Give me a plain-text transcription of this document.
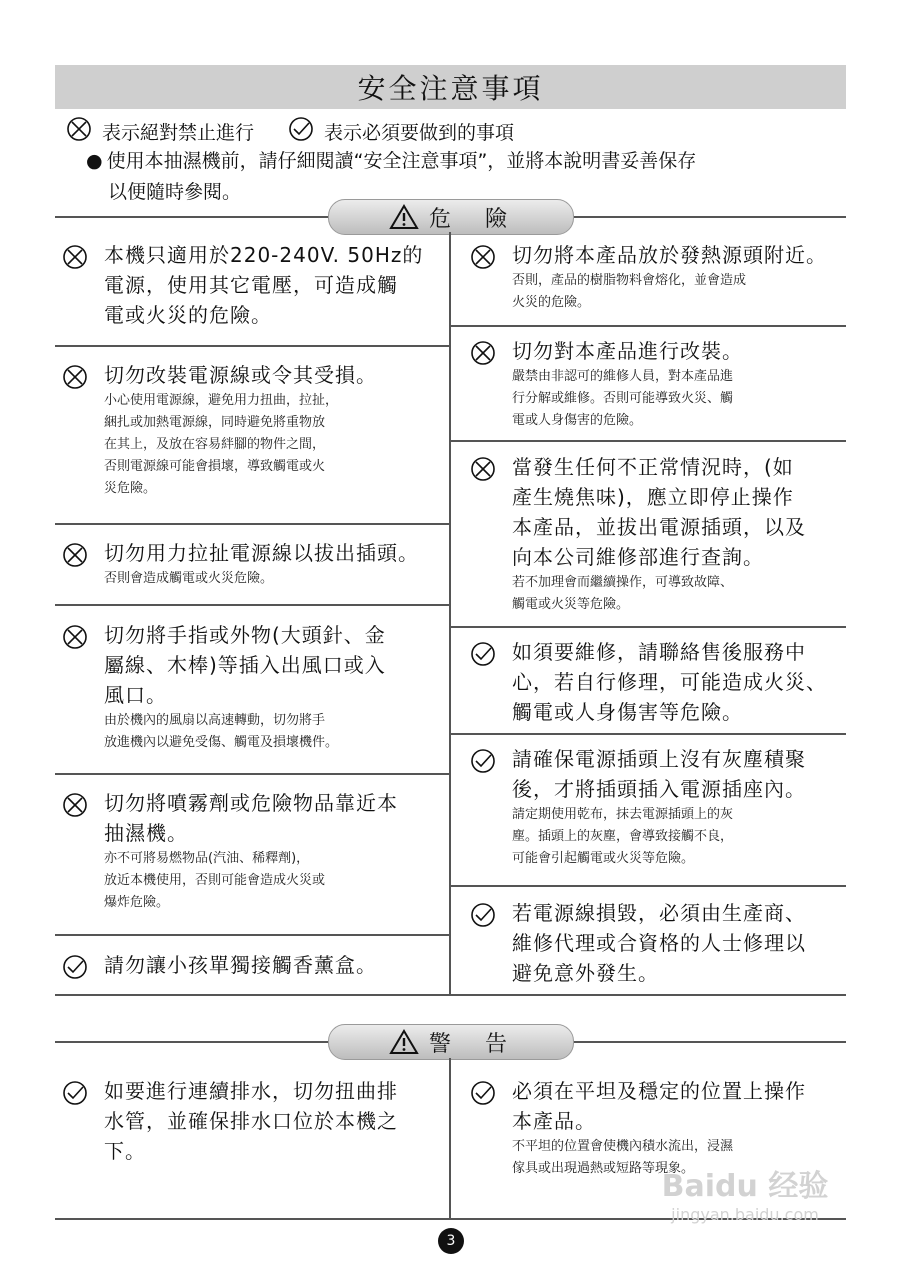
安全注意事項
表示絕對禁止進行	表示必須要做到的事項
● 使用本抽濕機前，請仔細閱讀“安全注意事項”，並將本說明書妥善保存
以便隨時參閱。
危　險
警　告
本機只適用於220-240V. 50Hz的
電源，使用其它電壓，可造成觸
電或火災的危險。
切勿改裝電源線或令其受損。
小心使用電源線，避免用力扭曲，拉扯，
綑扎或加熱電源線，同時避免將重物放
在其上，及放在容易絆腳的物件之間，
否則電源線可能會損壞，導致觸電或火
災危險。
切勿用力拉扯電源線以拔出插頭。
否則會造成觸電或火災危險。
切勿將手指或外物(大頭針、金
屬線、木棒)等插入出風口或入
風口。
由於機內的風扇以高速轉動，切勿將手
放進機內以避免受傷、觸電及損壞機件。
切勿將噴霧劑或危險物品靠近本
抽濕機。
亦不可將易燃物品(汽油、稀釋劑)，
放近本機使用，否則可能會造成火災或
爆炸危險。
請勿讓小孩單獨接觸香薰盒。
切勿將本產品放於發熱源頭附近。
否則，產品的樹脂物料會熔化，並會造成
火災的危險。
切勿對本產品進行改裝。
嚴禁由非認可的維修人員，對本產品進
行分解或維修。否則可能導致火災、觸
電或人身傷害的危險。
當發生任何不正常情況時，(如
產生燒焦味)，應立即停止操作
本產品，並拔出電源插頭，以及
向本公司維修部進行查詢。
若不加理會而繼續操作，可導致故障、
觸電或火災等危險。
如須要維修，請聯絡售後服務中
心，若自行修理，可能造成火災、
觸電或人身傷害等危險。
請確保電源插頭上沒有灰塵積聚
後，才將插頭插入電源插座內。
請定期使用乾布，抹去電源插頭上的灰
塵。插頭上的灰塵，會導致接觸不良，
可能會引起觸電或火災等危險。
若電源線損毀，必須由生產商、
維修代理或合資格的人士修理以
避免意外發生。
如要進行連續排水，切勿扭曲排
水管，並確保排水口位於本機之
下。
必須在平坦及穩定的位置上操作
本產品。
不平坦的位置會使機內積水流出，浸濕
傢具或出現過熱或短路等現象。
3
Baidu 经验
jingyan.baidu.com
